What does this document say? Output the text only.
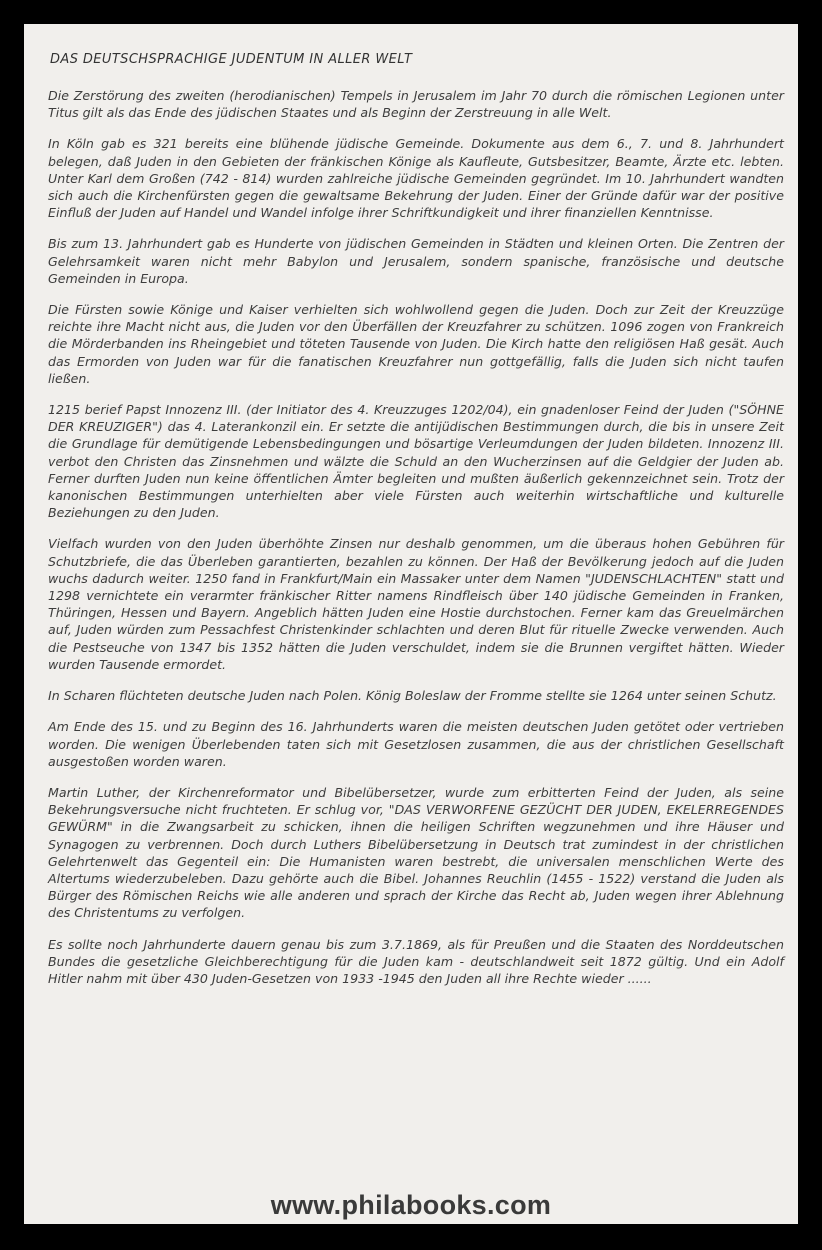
DAS DEUTSCHSPRACHIGE JUDENTUM IN ALLER WELT

Die Zerstörung des zweiten (herodianischen) Tempels in Jerusalem im Jahr 70 durch die römischen Legionen unter Titus gilt als das Ende des jüdischen Staates und als Beginn der Zerstreuung in alle Welt.

In Köln gab es 321 bereits eine blühende jüdische Gemeinde. Dokumente aus dem 6., 7. und 8. Jahrhundert belegen, daß Juden in den Gebieten der fränkischen Könige als Kaufleute, Gutsbesitzer, Beamte, Ärzte etc. lebten. Unter Karl dem Großen (742 - 814) wurden zahlreiche jüdische Gemeinden gegründet. Im 10. Jahrhundert wandten sich auch die Kirchenfürsten gegen die gewaltsame Bekehrung der Juden. Einer der Gründe dafür war der positive Einfluß der Juden auf Handel und Wandel infolge ihrer Schriftkundigkeit und ihrer finanziellen Kenntnisse.

Bis zum 13. Jahrhundert gab es Hunderte von jüdischen Gemeinden in Städten und kleinen Orten. Die Zentren der Gelehrsamkeit waren nicht mehr Babylon und Jerusalem, sondern spanische, französische und deutsche Gemeinden in Europa.

Die Fürsten sowie Könige und Kaiser verhielten sich wohlwollend gegen die Juden. Doch zur Zeit der Kreuzzüge reichte ihre Macht nicht aus, die Juden vor den Überfällen der Kreuzfahrer zu schützen. 1096 zogen von Frankreich die Mörderbanden ins Rheingebiet und töteten Tausende von Juden. Die Kirch hatte den religiösen Haß gesät. Auch das Ermorden von Juden war für die fanatischen Kreuzfahrer nun gottgefällig, falls die Juden sich nicht taufen ließen.

1215 berief Papst Innozenz III. (der Initiator des 4. Kreuzzuges 1202/04), ein gnadenloser Feind der Juden ("SÖHNE DER KREUZIGER") das 4. Laterankonzil ein. Er setzte die antijüdischen Bestimmungen durch, die bis in unsere Zeit die Grundlage für demütigende Lebensbedingungen und bösartige Verleumdungen der Juden bildeten. Innozenz III. verbot den Christen das Zinsnehmen und wälzte die Schuld an den Wucherzinsen auf die Geldgier der Juden ab. Ferner durften Juden nun keine öffentlichen Ämter begleiten und mußten äußerlich gekennzeichnet sein. Trotz der kanonischen Bestimmungen unterhielten aber viele Fürsten auch weiterhin wirtschaftliche und kulturelle Beziehungen zu den Juden.

Vielfach wurden von den Juden überhöhte Zinsen nur deshalb genommen, um die überaus hohen Gebühren für Schutzbriefe, die das Überleben garantierten, bezahlen zu können. Der Haß der Bevölkerung jedoch auf die Juden wuchs dadurch weiter. 1250 fand in Frankfurt/Main ein Massaker unter dem Namen "JUDENSCHLACHTEN" statt und 1298 vernichtete ein verarmter fränkischer Ritter namens Rindfleisch über 140 jüdische Gemeinden in Franken, Thüringen, Hessen und Bayern. Angeblich hätten Juden eine Hostie durchstochen. Ferner kam das Greuelmärchen auf, Juden würden zum Pessachfest Christenkinder schlachten und deren Blut für rituelle Zwecke verwenden. Auch die Pestseuche von 1347 bis 1352 hätten die Juden verschuldet, indem sie die Brunnen vergiftet hätten. Wieder wurden Tausende ermordet.

In Scharen flüchteten deutsche Juden nach Polen. König Boleslaw der Fromme stellte sie 1264 unter seinen Schutz.

Am Ende des 15. und zu Beginn des 16. Jahrhunderts waren die meisten deutschen Juden getötet oder vertrieben worden. Die wenigen Überlebenden taten sich mit Gesetzlosen zusammen, die aus der christlichen Gesellschaft ausgestoßen worden waren.

Martin Luther, der Kirchenreformator und Bibelübersetzer, wurde zum erbitterten Feind der Juden, als seine Bekehrungsversuche nicht fruchteten. Er schlug vor, "DAS VERWORFENE GEZÜCHT DER JUDEN, EKELERREGENDES GEWÜRM" in die Zwangsarbeit zu schicken, ihnen die heiligen Schriften wegzunehmen und ihre Häuser und Synagogen zu verbrennen. Doch durch Luthers Bibelübersetzung in Deutsch trat zumindest in der christlichen Gelehrtenwelt das Gegenteil ein: Die Humanisten waren bestrebt, die universalen menschlichen Werte des Altertums wiederzubeleben. Dazu gehörte auch die Bibel. Johannes Reuchlin (1455 - 1522) verstand die Juden als Bürger des Römischen Reichs wie alle anderen und sprach der Kirche das Recht ab, Juden wegen ihrer Ablehnung des Christentums zu verfolgen.

Es sollte noch Jahrhunderte dauern genau bis zum 3.7.1869, als für Preußen und die Staaten des Norddeutschen Bundes die gesetzliche Gleichberechtigung für die Juden kam - deutschlandweit seit 1872 gültig. Und ein Adolf Hitler nahm mit über 430 Juden-Gesetzen von 1933 -1945 den Juden all ihre Rechte wieder ......

www.philabooks.com
